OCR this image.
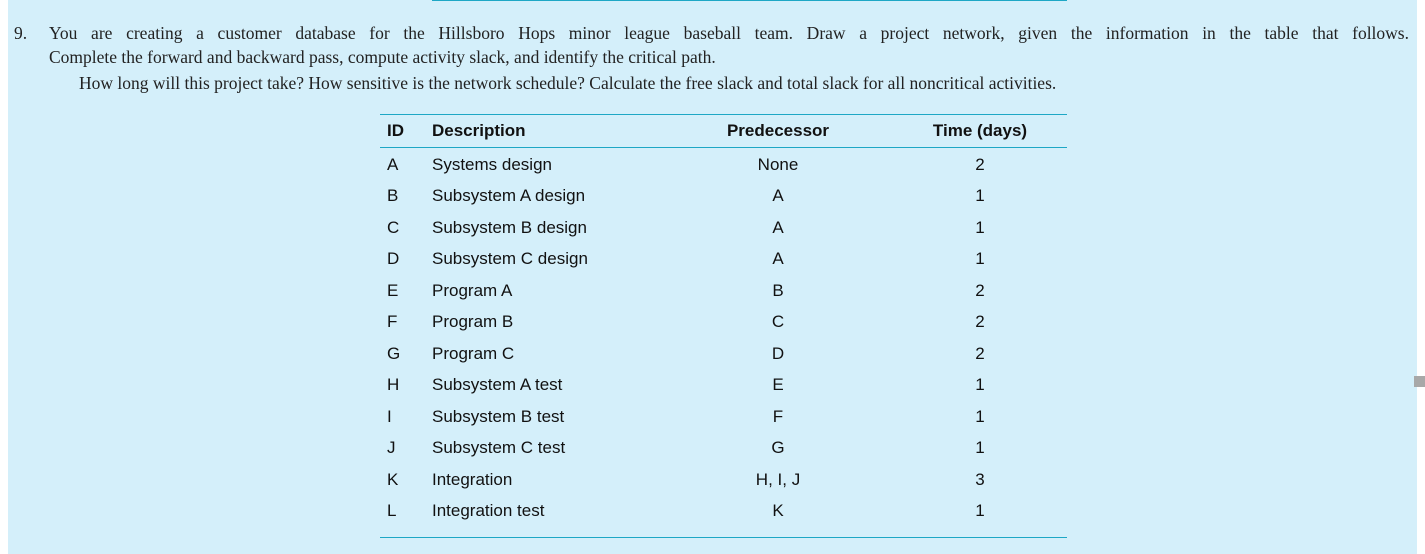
9. You are creating a customer database for the Hillsboro Hops minor league baseball team. Draw a project network, given the information in the table that follows.
Complete the forward and backward pass, compute activity slack, and identify the critical path.
How long will this project take? How sensitive is the network schedule? Calculate the free slack and total slack for all noncritical activities.
ID Description	Predecessor	Time (days)
A Systems design	None	2
B Subsystem A design	A	1
C Subsystem B design	A	1
D Subsystem C design	A	1
E Program A	B	2
F Program B	C	2
G Program C	D	2
H Subsystem A test	E	1
I Subsystem B test	F	1
J Subsystem C test	G	1
K Integration	H, I, J	3
L Integration test	K	1
